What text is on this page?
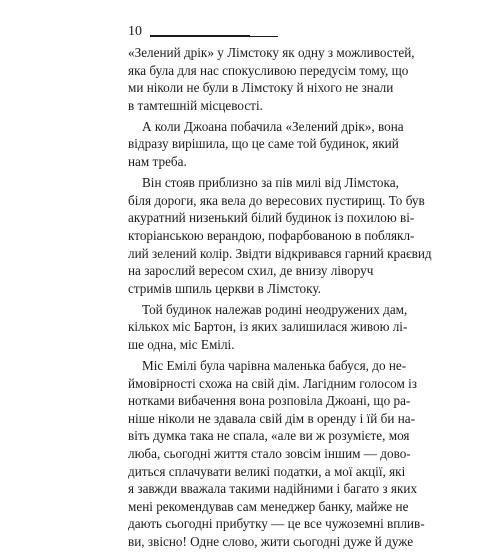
10
«Зелений дрік» у Лімстоку як одну з можливостей,
яка була для нас спокусливою передусім тому, що
ми ніколи не були в Лімстоку й ніхого не знали
в тамтешній місцевості.
А коли Джоана побачила «Зелений дрік», вона
відразу вирішила, що це саме той будинок, який
нам треба.
Він стояв приблизно за пів милі від Лімстока,
біля дороги, яка вела до вересових пустирищ. То був
акуратний низенький білий будинок із похилою ві-
кторіанською верандою, пофарбованою в поблякл-
лий зелений колір. Звідти відкривався гарний краєвид
на зарослий вересом схил, де внизу ліворуч
стримів шпиль церкви в Лімстоку.
Той будинок належав родині неодружених дам,
кількох міс Бартон, із яких залишилася живою лі-
ше одна, міс Емілі.
Міс Емілі була чарівна маленька бабуся, до не-
ймовірності схожа на свій дім. Лагідним голосом із
нотками вибачення вона розповіла Джоані, що ра-
ніше ніколи не здавала свій дім в оренду і їй би на-
віть думка така не спала, «але ви ж розумієте, моя
люба, сьогодні життя стало зовсім іншим — дово-
диться сплачувати великі податки, а мої акції, які
я завжди вважала такими надійними і багато з яких
мені рекомендував сам менеджер банку, майже не
дають сьогодні прибутку — це все чужоземні вплив-
ви, звісно! Одне слово, жити сьогодні дуже й дуже
